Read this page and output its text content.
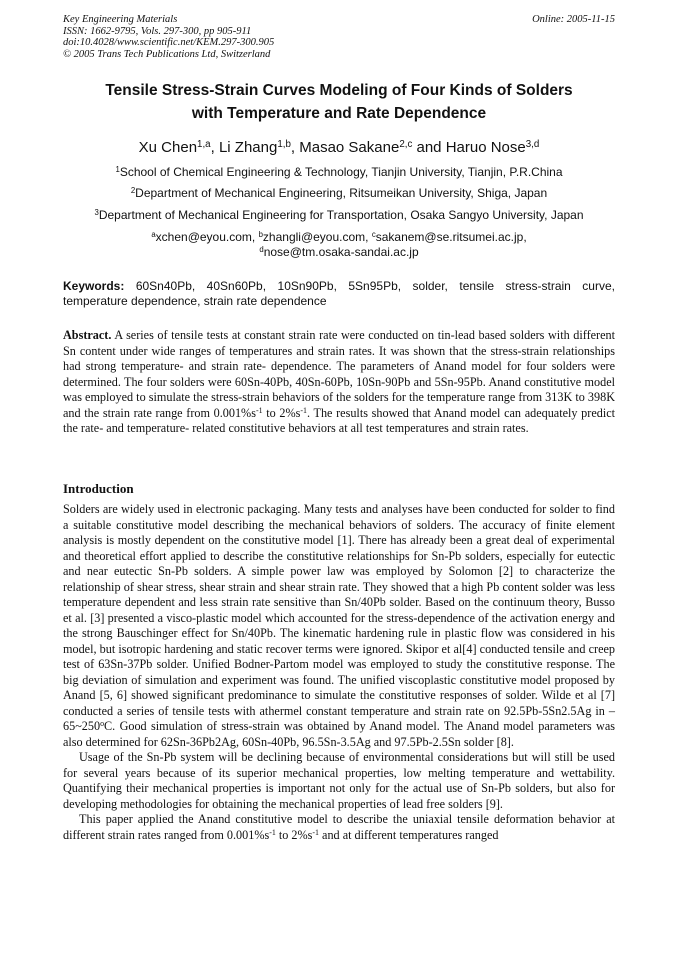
Key Engineering Materials
ISSN: 1662-9795, Vols. 297-300, pp 905-911
doi:10.4028/www.scientific.net/KEM.297-300.905
© 2005 Trans Tech Publications Ltd, Switzerland
Online: 2005-11-15
Tensile Stress-Strain Curves Modeling of Four Kinds of Solders
with Temperature and Rate Dependence
Xu Chen$^{1,a}$, Li Zhang$^{1,b}$, Masao Sakane$^{2,c}$ and Haruo Nose$^{3,d}$
$^1$School of Chemical Engineering & Technology, Tianjin University, Tianjin, P.R.China
$^2$Department of Mechanical Engineering, Ritsumeikan University, Shiga, Japan
$^3$Department of Mechanical Engineering for Transportation, Osaka Sangyo University, Japan
$^a$xchen@eyou.com, $^b$zhangli@eyou.com, $^c$sakanem@se.ritsumei.ac.jp,
$^d$nose@tm.osaka-sandai.ac.jp
Keywords: 60Sn40Pb, 40Sn60Pb, 10Sn90Pb, 5Sn95Pb, solder, tensile stress-strain curve, temperature dependence, strain rate dependence
Abstract. A series of tensile tests at constant strain rate were conducted on tin-lead based solders with different Sn content under wide ranges of temperatures and strain rates. It was shown that the stress-strain relationships had strong temperature- and strain rate- dependence. The parameters of Anand model for four solders were determined. The four solders were 60Sn-40Pb, 40Sn-60Pb, 10Sn-90Pb and 5Sn-95Pb. Anand constitutive model was employed to simulate the stress-strain behaviors of the solders for the temperature range from 313K to 398K and the strain rate range from $0.001\%s^{-1}$ to $2\%s^{-1}$. The results showed that Anand model can adequately predict the rate- and temperature- related constitutive behaviors at all test temperatures and strain rates.
Introduction

Solders are widely used in electronic packaging. Many tests and analyses have been conducted for solder to find a suitable constitutive model describing the mechanical behaviors of solders. The accuracy of finite element analysis is mostly dependent on the constitutive model [1]. There has already been a great deal of experimental and theoretical effort applied to describe the constitutive relationships for Sn-Pb solders, especially for eutectic and near eutectic Sn-Pb solders. A simple power law was employed by Solomon [2] to characterize the relationship of shear stress, shear strain and shear strain rate. They showed that a high Pb content solder was less temperature dependent and less strain rate sensitive than Sn/40Pb solder. Based on the continuum theory, Busso et al. [3] presented a visco-plastic model which accounted for the stress-dependence of the activation energy and the strong Bauschinger effect for Sn/40Pb. The kinematic hardening rule in plastic flow was considered in his model, but isotropic hardening and static recover terms were ignored. Skipor et al[4] conducted tensile and creep test of 63Sn-37Pb solder. Unified Bodner-Partom model was employed to study the constitutive response. The big deviation of simulation and experiment was found. The unified viscoplastic constitutive model proposed by Anand [5, 6] showed significant predominance to simulate the constitutive responses of solder. Wilde et al [7] conducted a series of tensile tests with athermel constant temperature and strain rate on 92.5Pb-5Sn2.5Ag in –65~250$^o$C. Good simulation of stress-strain was obtained by Anand model. The Anand model parameters was also determined for 62Sn-36Pb2Ag, 60Sn-40Pb, 96.5Sn-3.5Ag and 97.5Pb-2.5Sn solder [8].

Usage of the Sn-Pb system will be declining because of environmental considerations but will still be used for several years because of its superior mechanical properties, low melting temperature and wettability. Quantifying their mechanical properties is important not only for the actual use of Sn-Pb solders, but also for developing methodologies for obtaining the mechanical properties of lead free solders [9].

This paper applied the Anand constitutive model to describe the uniaxial tensile deformation behavior at different strain rates ranged from $0.001\%s^{-1}$ to $2\%s^{-1}$ and at different temperatures ranged
